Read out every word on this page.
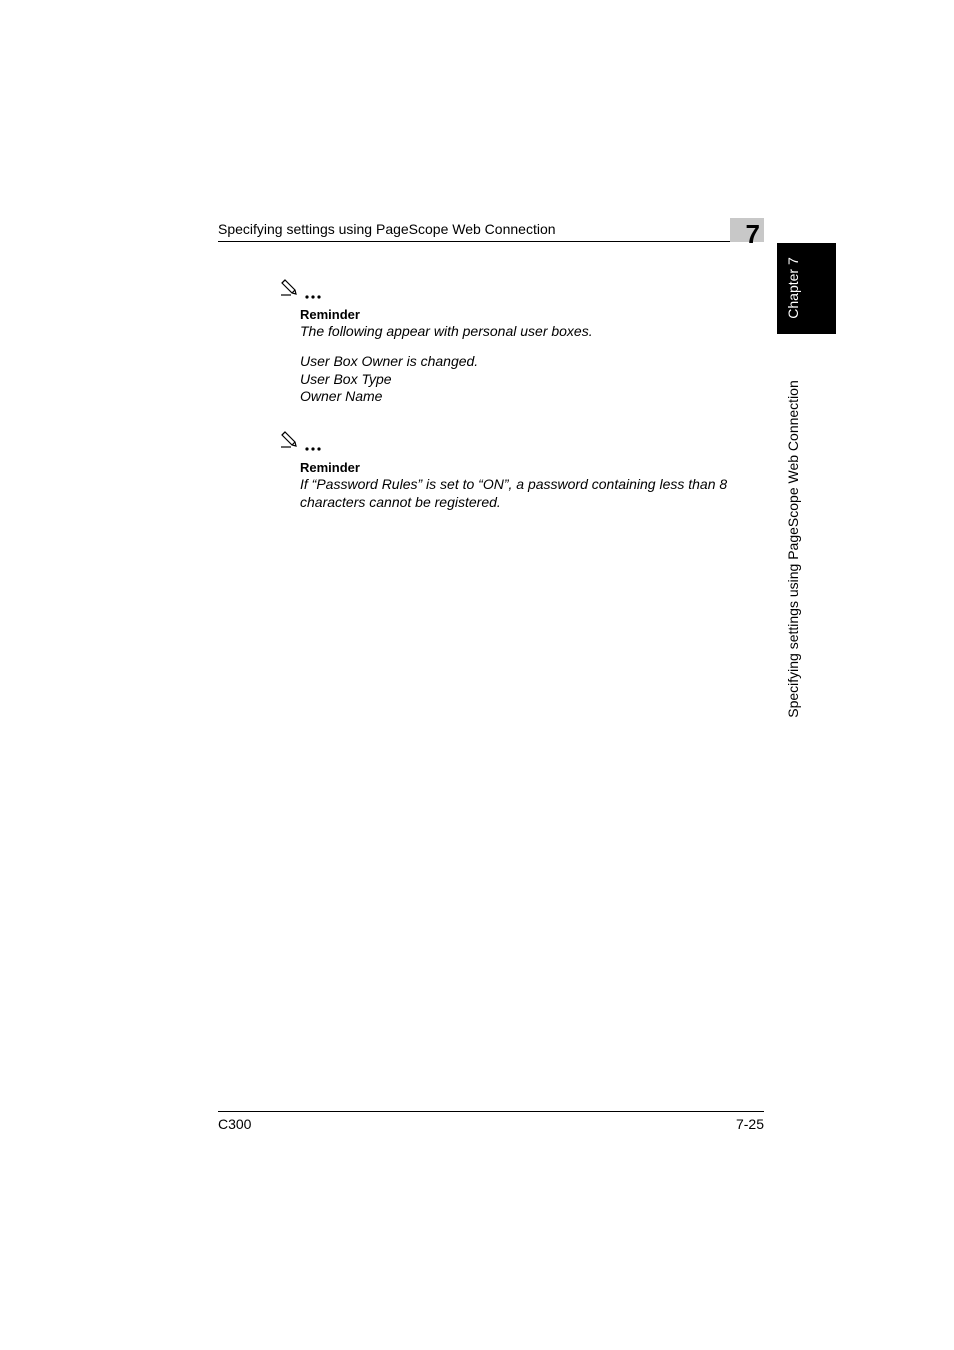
Specifying settings using PageScope Web Connection	7
Chapter 7
Specifying settings using PageScope Web Connection
Reminder
The following appear with personal user boxes.
User Box Owner is changed.
User Box Type
Owner Name
Reminder
If “Password Rules” is set to “ON”, a password containing less than 8
characters cannot be registered.
C300	7-25
